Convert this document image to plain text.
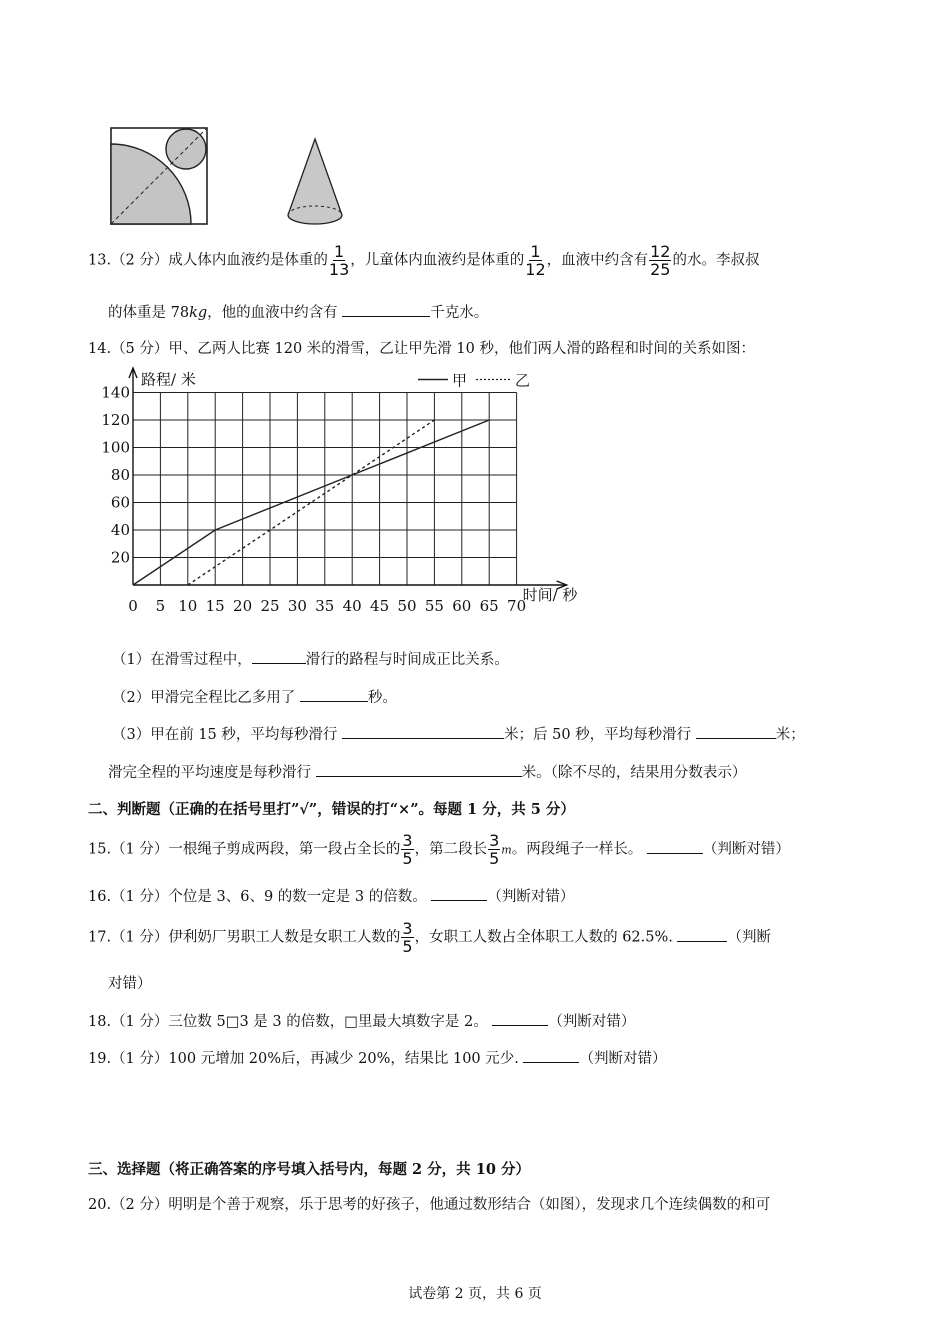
13.（2 分）成人体内血液约是体重的 $\frac{1}{13}$ ，儿童体内血液约是体重的 $\frac{1}{12}$ ，血液中约含有 $\frac{12}{25}$ 的水。李叔叔
的体重是 78kg，他的血液中约含有	千克水。
14.（5 分）甲、乙两人比赛 120 米的滑雪，乙让甲先滑 10 秒，他们两人滑的路程和时间的关系如图：
0 5 10 15 20 25 30 35 40 45 50 55 60 65 70
20
40
60
80
100
120
140
路程/ 米
时间/ 秒
甲	乙
（1）在滑雪过程中，	滑行的路程与时间成正比关系。
（2）甲滑完全程比乙多用了	秒。
（3）甲在前 15 秒，平均每秒滑行	米；后 50 秒，平均每秒滑行	米；
滑完全程的平均速度是每秒滑行	米。（除不尽的，结果用分数表示）
二、判断题（正确的在括号里打”√”，错误的打“×”。每题 1 分，共 5 分）
15.（1 分）一根绳子剪成两段，第一段占全长的 $\frac{3}{5}$ ，第二段长 $\frac{3}{5}$ m。两段绳子一样长。	（判断对错）
16.（1 分）个位是 3、6、9 的数一定是 3 的倍数。	（判断对错）
17.（1 分）伊利奶厂男职工人数是女职工人数的 $\frac{3}{5}$ ，女职工人数占全体职工人数的 62.5%.	（判断
对错）
18.（1 分）三位数 5□3 是 3 的倍数，□里最大填数字是 2。	（判断对错）
19.（1 分）100 元增加 20%后，再减少 20%，结果比 100 元少.	（判断对错）
三、选择题（将正确答案的序号填入括号内，每题 2 分，共 10 分）
20.（2 分）明明是个善于观察，乐于思考的好孩子，他通过数形结合（如图），发现求几个连续偶数的和可
试卷第 2 页，共 6 页
